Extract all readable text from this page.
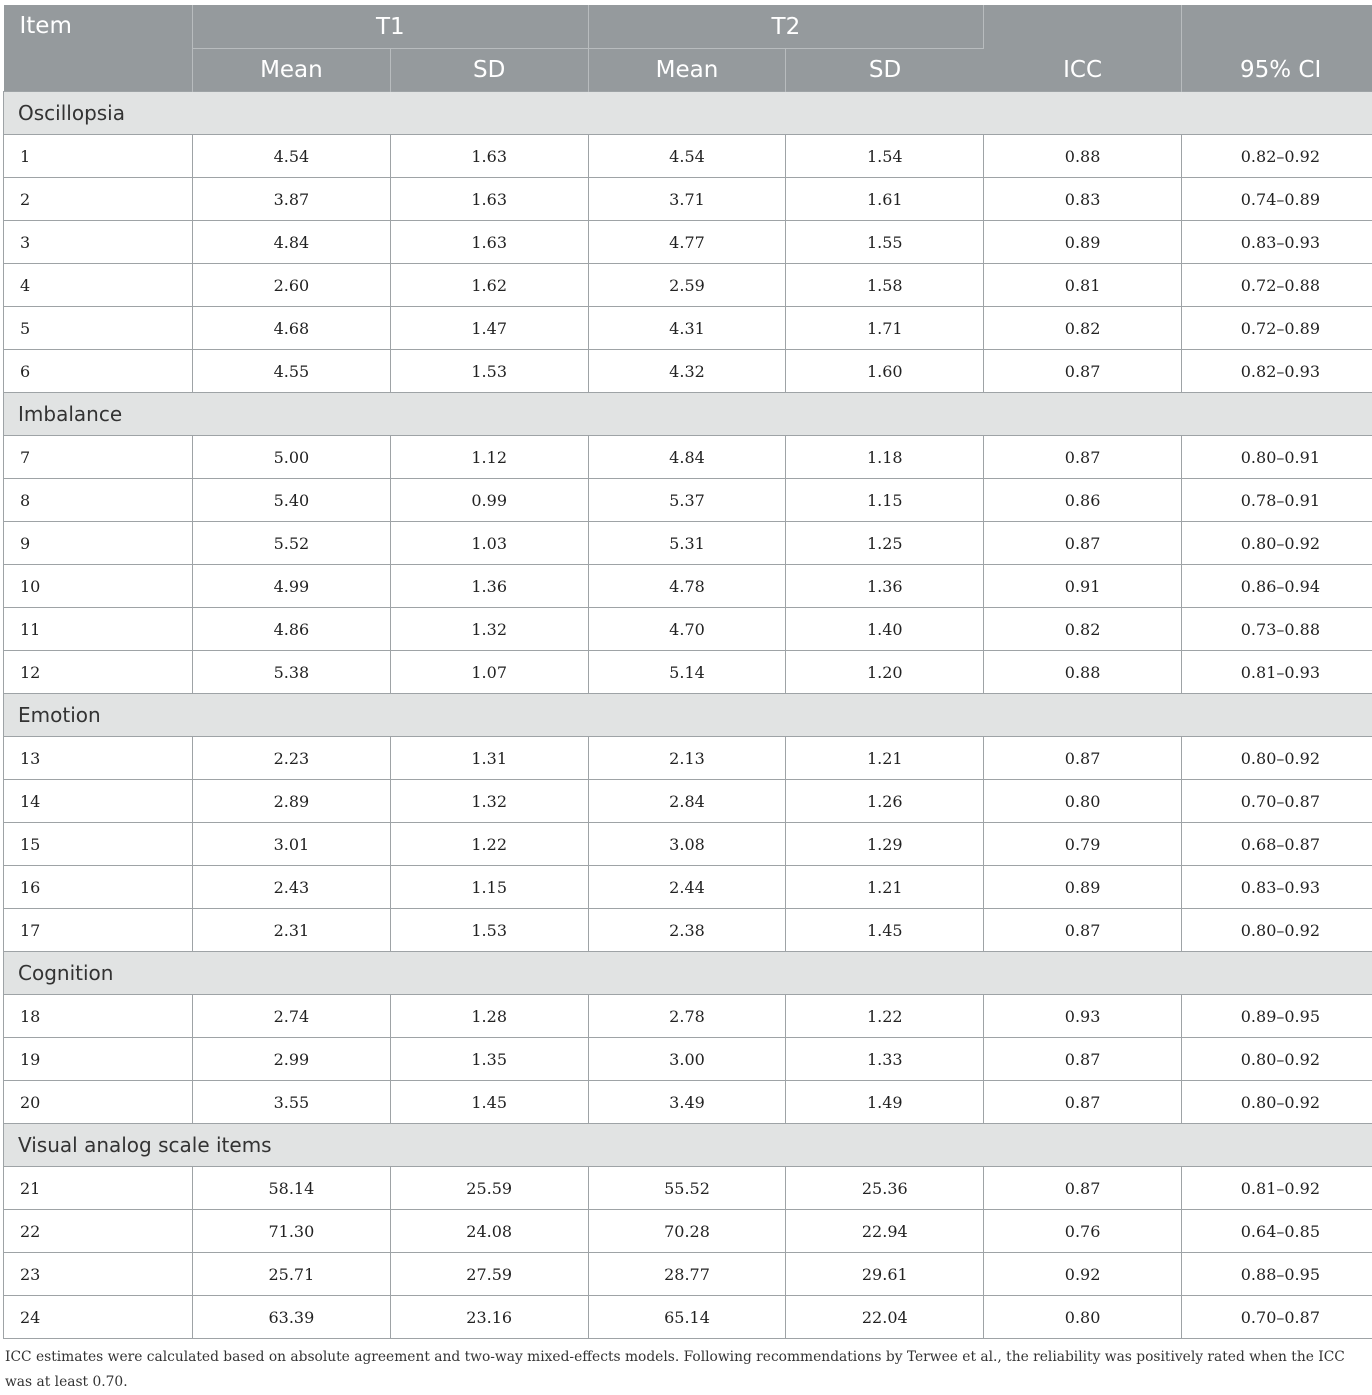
Item	T1		T2		ICC	95% CI
	Mean	SD	Mean	SD		
Oscillopsia						
1	4.54	1.63	4.54	1.54	0.88	0.82–0.92
2	3.87	1.63	3.71	1.61	0.83	0.74–0.89
3	4.84	1.63	4.77	1.55	0.89	0.83–0.93
4	2.60	1.62	2.59	1.58	0.81	0.72–0.88
5	4.68	1.47	4.31	1.71	0.82	0.72–0.89
6	4.55	1.53	4.32	1.60	0.87	0.82–0.93
Imbalance						
7	5.00	1.12	4.84	1.18	0.87	0.80–0.91
8	5.40	0.99	5.37	1.15	0.86	0.78–0.91
9	5.52	1.03	5.31	1.25	0.87	0.80–0.92
10	4.99	1.36	4.78	1.36	0.91	0.86–0.94
11	4.86	1.32	4.70	1.40	0.82	0.73–0.88
12	5.38	1.07	5.14	1.20	0.88	0.81–0.93
Emotion						
13	2.23	1.31	2.13	1.21	0.87	0.80–0.92
14	2.89	1.32	2.84	1.26	0.80	0.70–0.87
15	3.01	1.22	3.08	1.29	0.79	0.68–0.87
16	2.43	1.15	2.44	1.21	0.89	0.83–0.93
17	2.31	1.53	2.38	1.45	0.87	0.80–0.92
Cognition						
18	2.74	1.28	2.78	1.22	0.93	0.89–0.95
19	2.99	1.35	3.00	1.33	0.87	0.80–0.92
20	3.55	1.45	3.49	1.49	0.87	0.80–0.92
Visual analog scale items						
21	58.14	25.59	55.52	25.36	0.87	0.81–0.92
22	71.30	24.08	70.28	22.94	0.76	0.64–0.85
23	25.71	27.59	28.77	29.61	0.92	0.88–0.95
24	63.39	23.16	65.14	22.04	0.80	0.70–0.87
ICC estimates were calculated based on absolute agreement and two-way mixed-effects models. Following recommendations by Terwee et al., the reliability was positively rated when the ICC was at least 0.70.
